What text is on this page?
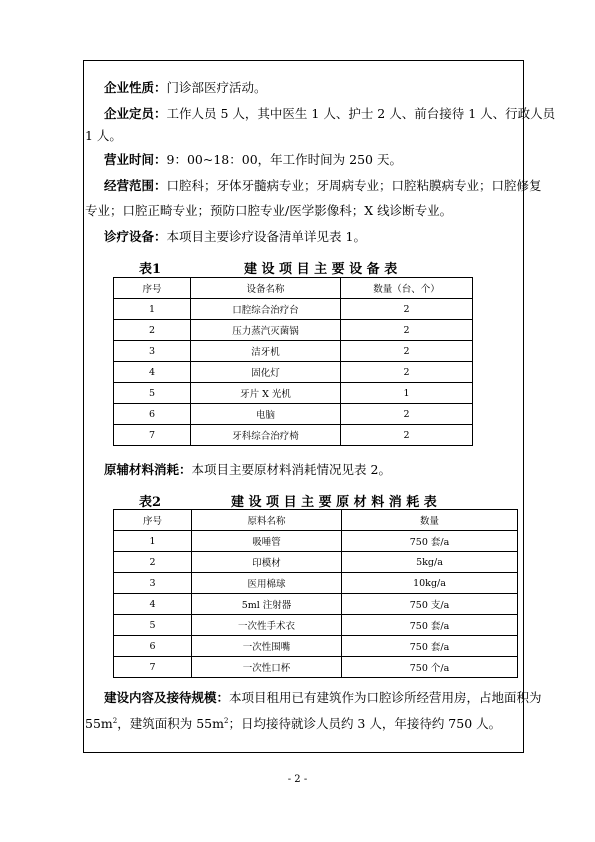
企业性质：门诊部医疗活动。
企业定员：工作人员 5 人，其中医生 1 人、护士 2 人、前台接待 1 人、行政人员
1 人。
营业时间：9：00~18：00，年工作时间为 250 天。
经营范围：口腔科；牙体牙髓病专业；牙周病专业；口腔粘膜病专业；口腔修复
专业；口腔正畸专业；预防口腔专业/医学影像科；X 线诊断专业。
诊疗设备：本项目主要诊疗设备清单详见表 1。
表1	建 设 项 目 主 要 设 备 表
序号	设备名称	数量（台、个）
1	口腔综合治疗台	2
2	压力蒸汽灭菌锅	2
3	洁牙机	2
4	固化灯	2
5	牙片 X 光机	1
6	电脑	2
7	牙科综合治疗椅	2
原辅材料消耗：本项目主要原材料消耗情况见表 2。
表2	建 设 项 目 主 要 原 材 料 消 耗 表
序号	原料名称	数量
1	吸唾管	750 套/a
2	印模材	5kg/a
3	医用棉球	10kg/a
4	5ml 注射器	750 支/a
5	一次性手术衣	750 套/a
6	一次性围嘴	750 套/a
7	一次性口杯	750 个/a
建设内容及接待规模：本项目租用已有建筑作为口腔诊所经营用房，占地面积为
$55m^2$，建筑面积为 $55m^2$；日均接待就诊人员约 3 人，年接待约 750 人。
- 2 -
